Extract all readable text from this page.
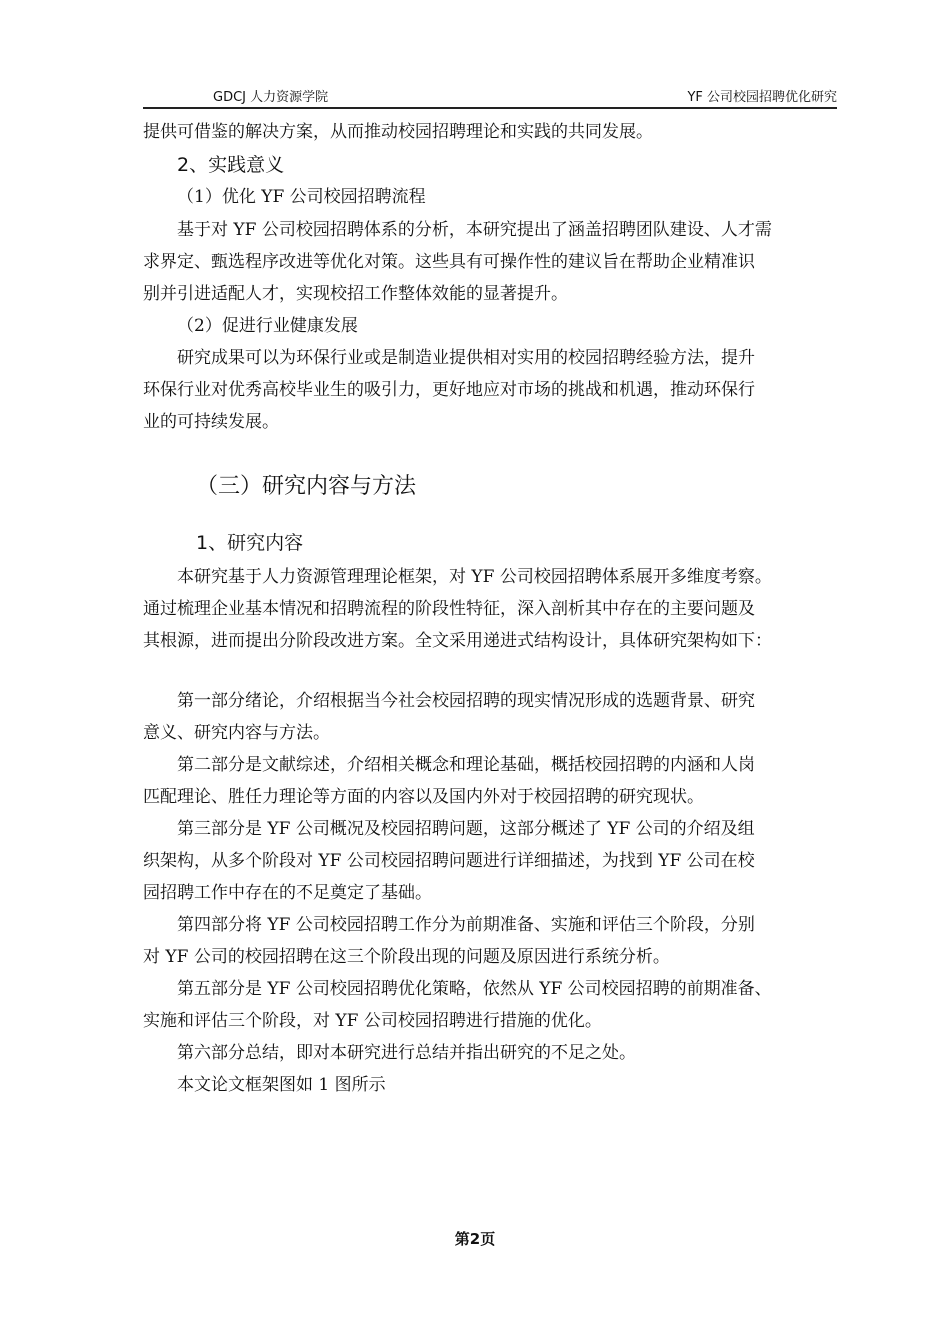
GDCJ 人力资源学院	YF 公司校园招聘优化研究

提供可借鉴的解决方案，从而推动校园招聘理论和实践的共同发展。

2、实践意义

（1）优化 YF 公司校园招聘流程

基于对 YF 公司校园招聘体系的分析，本研究提出了涵盖招聘团队建设、人才需

求界定、甄选程序改进等优化对策。这些具有可操作性的建议旨在帮助企业精准识

别并引进适配人才，实现校招工作整体效能的显著提升。

（2）促进行业健康发展

研究成果可以为环保行业或是制造业提供相对实用的校园招聘经验方法，提升

环保行业对优秀高校毕业生的吸引力，更好地应对市场的挑战和机遇，推动环保行

业的可持续发展。

（三）研究内容与方法
1、研究内容

本研究基于人力资源管理理论框架，对 YF 公司校园招聘体系展开多维度考察。

通过梳理企业基本情况和招聘流程的阶段性特征，深入剖析其中存在的主要问题及

其根源，进而提出分阶段改进方案。全文采用递进式结构设计，具体研究架构如下：

第一部分绪论，介绍根据当今社会校园招聘的现实情况形成的选题背景、研究

意义、研究内容与方法。

第二部分是文献综述，介绍相关概念和理论基础，概括校园招聘的内涵和人岗

匹配理论、胜任力理论等方面的内容以及国内外对于校园招聘的研究现状。

第三部分是 YF 公司概况及校园招聘问题，这部分概述了 YF 公司的介绍及组

织架构，从多个阶段对 YF 公司校园招聘问题进行详细描述，为找到 YF 公司在校

园招聘工作中存在的不足奠定了基础。

第四部分将 YF 公司校园招聘工作分为前期准备、实施和评估三个阶段，分别

对 YF 公司的校园招聘在这三个阶段出现的问题及原因进行系统分析。

第五部分是 YF 公司校园招聘优化策略，依然从 YF 公司校园招聘的前期准备、

实施和评估三个阶段，对 YF 公司校园招聘进行措施的优化。

第六部分总结，即对本研究进行总结并指出研究的不足之处。

本文论文框架图如 1 图所示

第2页
